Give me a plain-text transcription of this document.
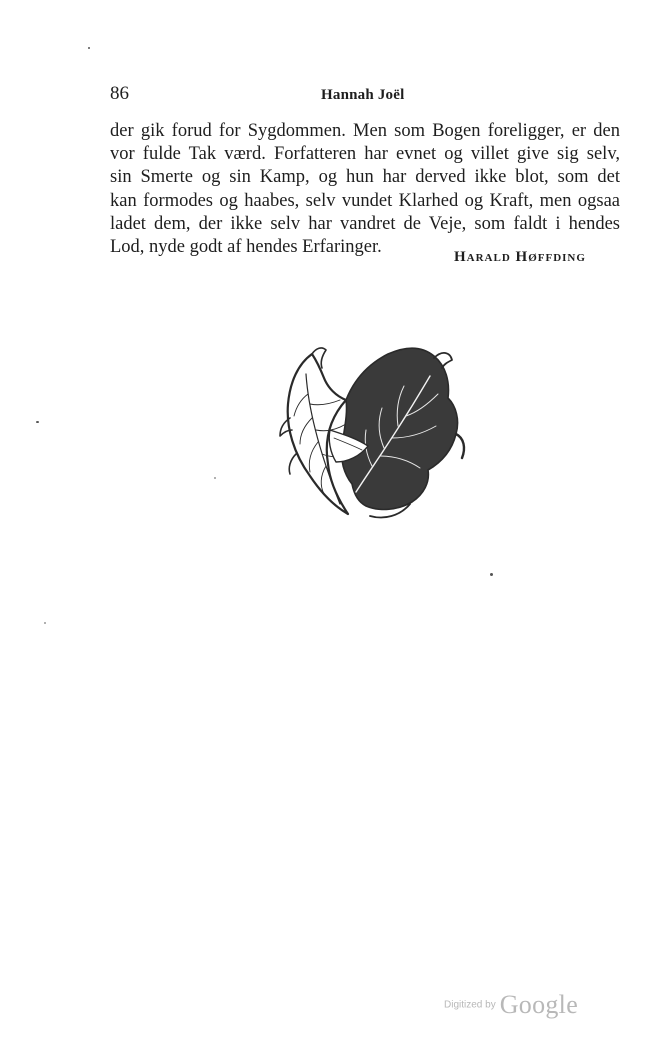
86	Hannah Joël

der gik forud for Sygdommen. Men som Bogen foreligger, er den
vor fulde Tak værd. Forfatteren har evnet og villet give sig selv,
sin Smerte og sin Kamp, og hun har derved ikke blot, som det
kan formodes og haabes, selv vundet Klarhed og Kraft, men ogsaa
ladet dem, der ikke selv har vandret de Veje, som faldt i hendes
Lod, nyde godt af hendes Erfaringer.	Harald Høffding
Digitized by Google
